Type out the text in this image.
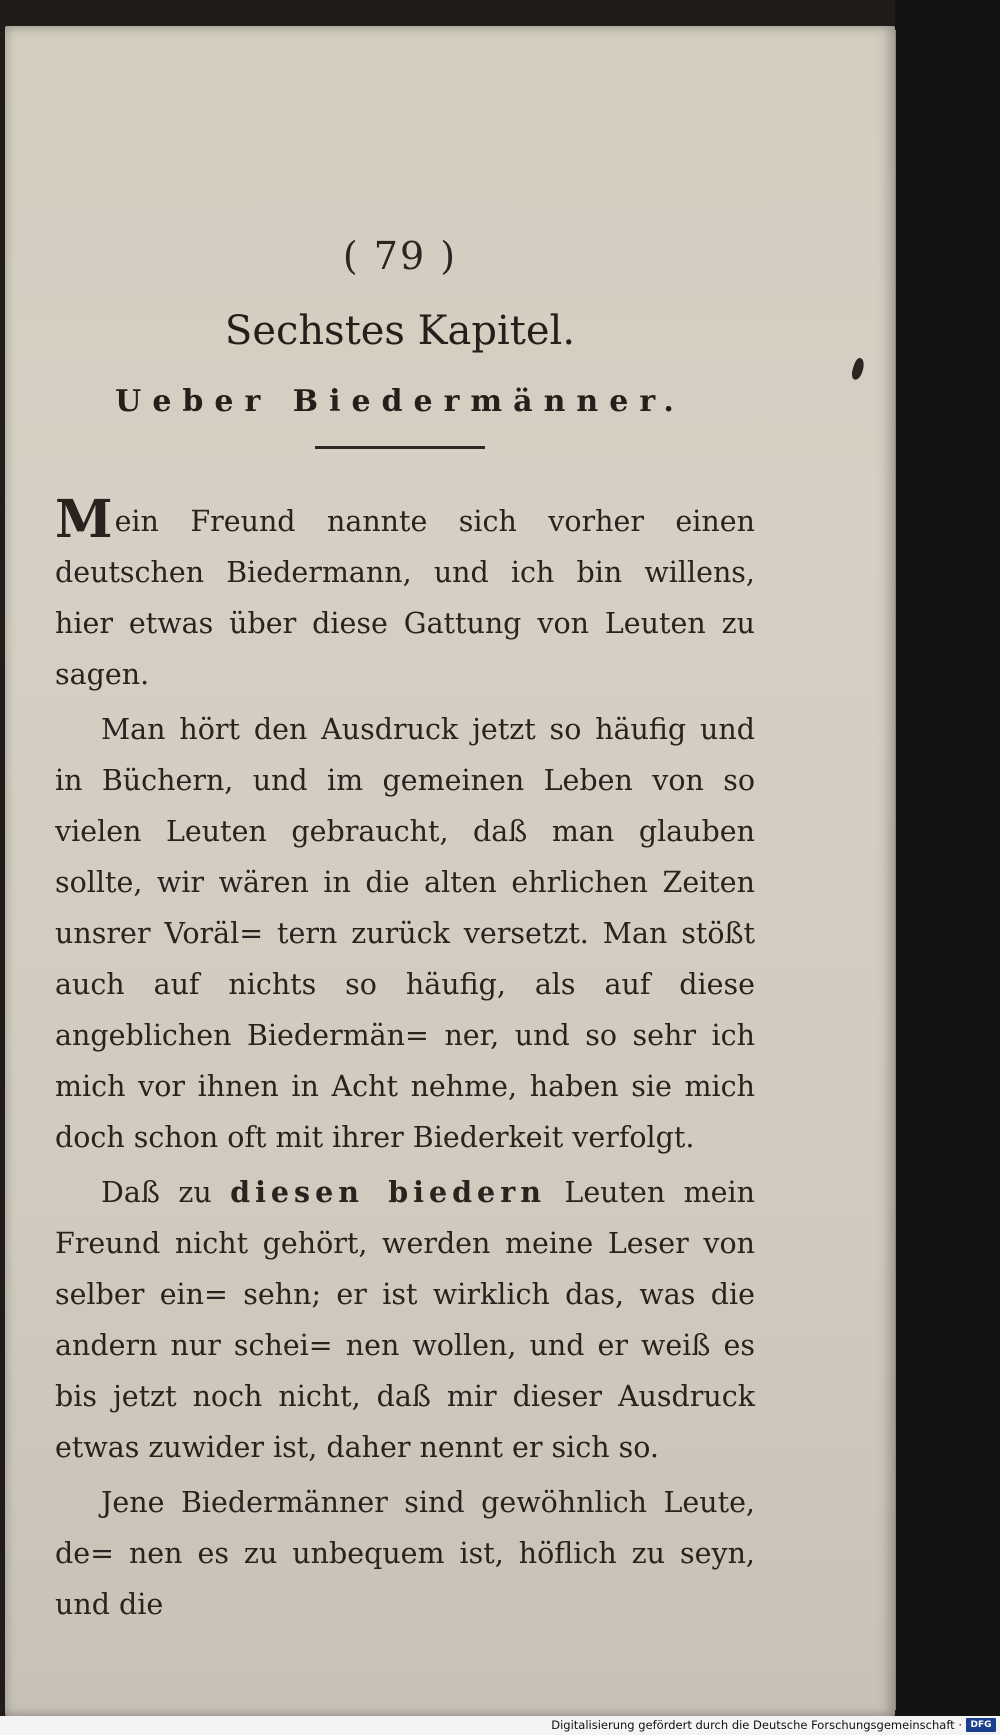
( 79 )
Sechstes Kapitel.
Ueber Biedermänner.

Mein Freund nannte sich vorher einen deutschen Biedermann, und ich bin willens, hier etwas über diese Gattung von Leuten zu sagen.

Man hört den Ausdruck jetzt so häufig und in Büchern, und im gemeinen Leben von so vielen Leuten gebraucht, daß man glauben sollte, wir wären in die alten ehrlichen Zeiten unsrer Voräl= tern zurück versetzt. Man stößt auch auf nichts so häufig, als auf diese angeblichen Biedermän= ner, und so sehr ich mich vor ihnen in Acht nehme, haben sie mich doch schon oft mit ihrer Biederkeit verfolgt.

Daß zu diesen biedern Leuten mein Freund nicht gehört, werden meine Leser von selber ein= sehn; er ist wirklich das, was die andern nur schei= nen wollen, und er weiß es bis jetzt noch nicht, daß mir dieser Ausdruck etwas zuwider ist, daher nennt er sich so.

Jene Biedermänner sind gewöhnlich Leute, de= nen es zu unbequem ist, höflich zu seyn, und die

Digitalisierung gefördert durch die Deutsche Forschungsgemeinschaft · DFG
